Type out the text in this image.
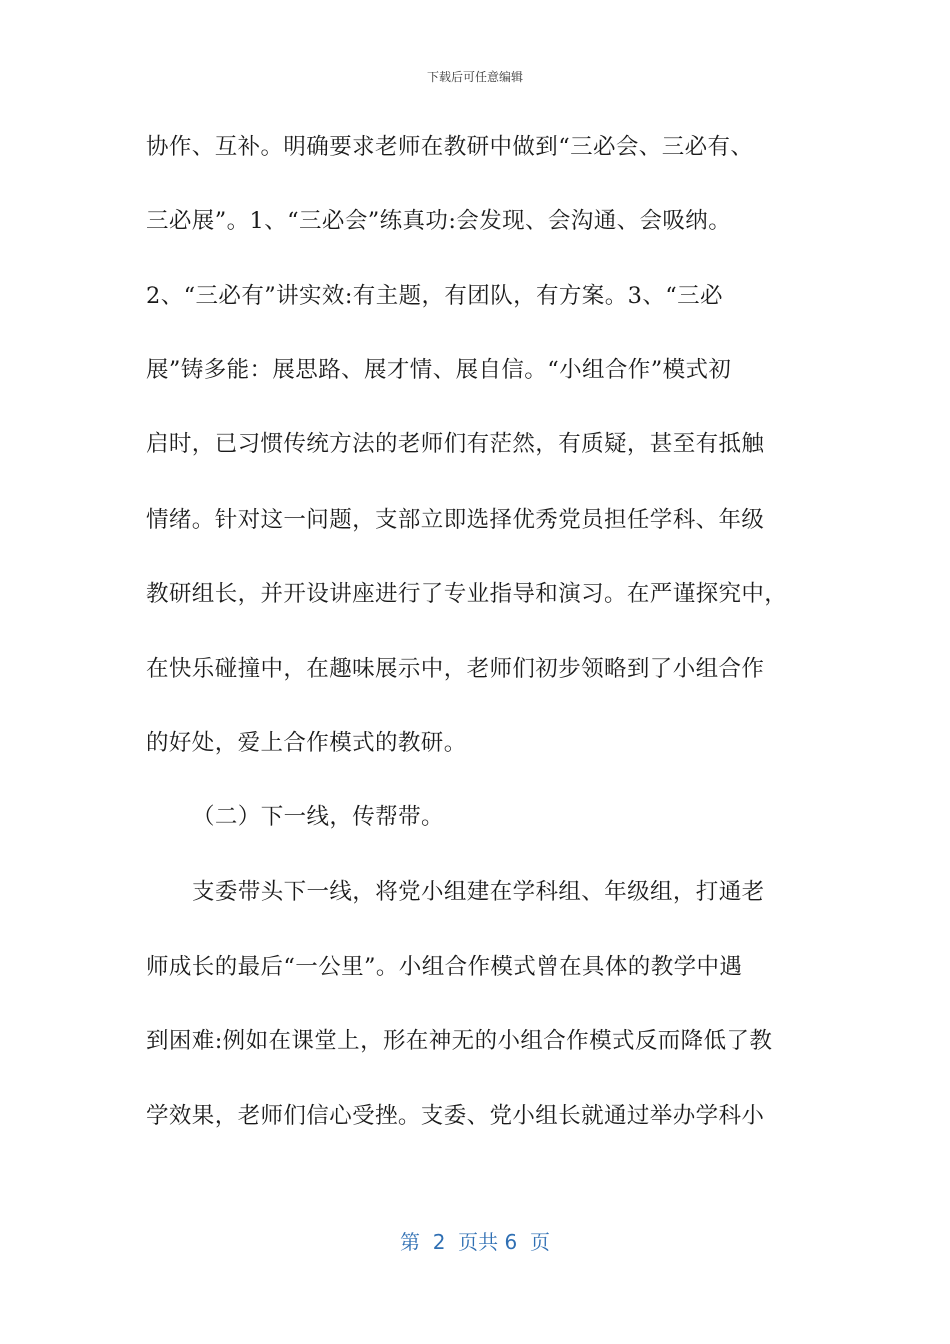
下载后可任意编辑
协作、互补。明确要求老师在教研中做到“三必会、三必有、
三必展”。1、“三必会”练真功:会发现、会沟通、会吸纳。
2、“三必有”讲实效:有主题，有团队，有方案。3、“三必
展”铸多能：展思路、展才情、展自信。“小组合作”模式初
启时，已习惯传统方法的老师们有茫然，有质疑，甚至有抵触
情绪。针对这一问题，支部立即选择优秀党员担任学科、年级
教研组长，并开设讲座进行了专业指导和演习。在严谨探究中，
在快乐碰撞中，在趣味展示中，老师们初步领略到了小组合作
的好处，爱上合作模式的教研。
（二）下一线，传帮带。
支委带头下一线，将党小组建在学科组、年级组，打通老
师成长的最后“一公里”。小组合作模式曾在具体的教学中遇
到困难:例如在课堂上，形在神无的小组合作模式反而降低了教
学效果，老师们信心受挫。支委、党小组长就通过举办学科小
第  2  页共 6  页
